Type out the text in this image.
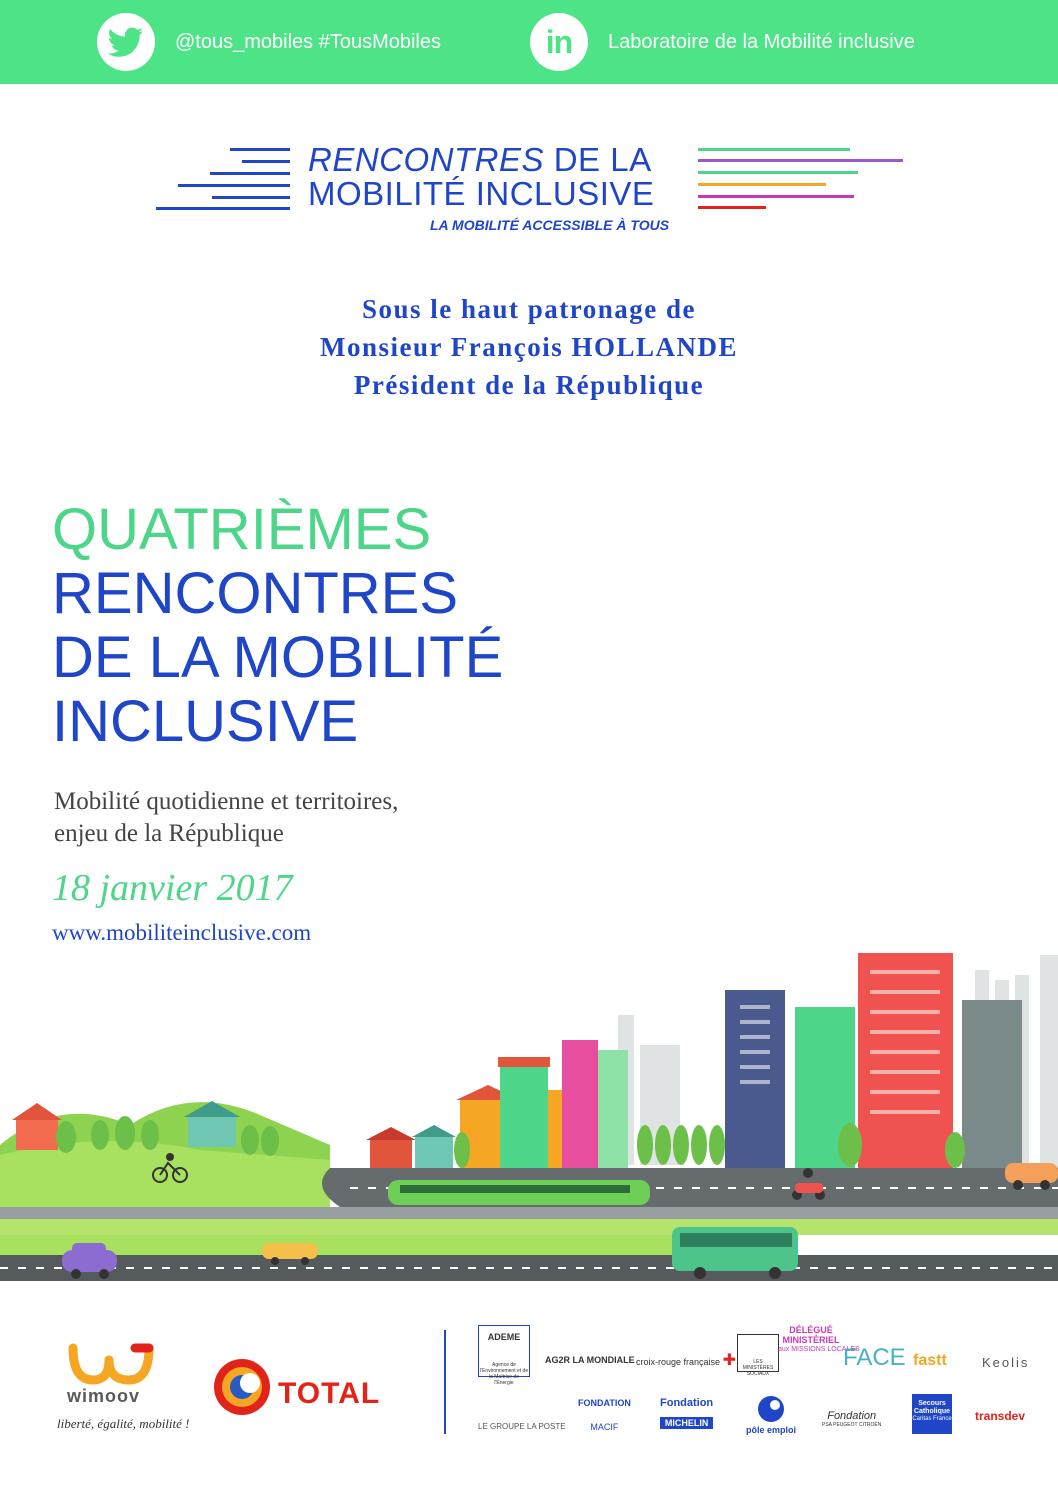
@tous_mobiles #TousMobiles	in Laboratoire de la Mobilité inclusive
RENCONTRES DE LA
MOBILITÉ INCLUSIVE
LA MOBILITÉ ACCESSIBLE À TOUS
Sous le haut patronage de
Monsieur François HOLLANDE
Président de la République
QUATRIÈMES
RENCONTRES
DE LA MOBILITÉ
INCLUSIVE
Mobilité quotidienne et territoires,
enjeu de la République
18 janvier 2017
www.mobiliteinclusive.com
wimoov
liberté, égalité, mobilité !
TOTAL
ADEME
Agence de l'Environnement et de la Maîtrise de l'Énergie
AG2R LA MONDIALE croix-rouge française ✚	LES MINISTÈRES SOCIAUX
DÉLÉGUÉ MINISTÉRIEL
aux MISSIONS LOCALES
FACE fastt	Keolis
LE GROUPE LA POSTE
FONDATION
MACIF
Fondation
MICHELIN
pôle emploi
Fondation
PSA PEUGEOT CITROËN
Secours Catholique
Caritas France transdev
